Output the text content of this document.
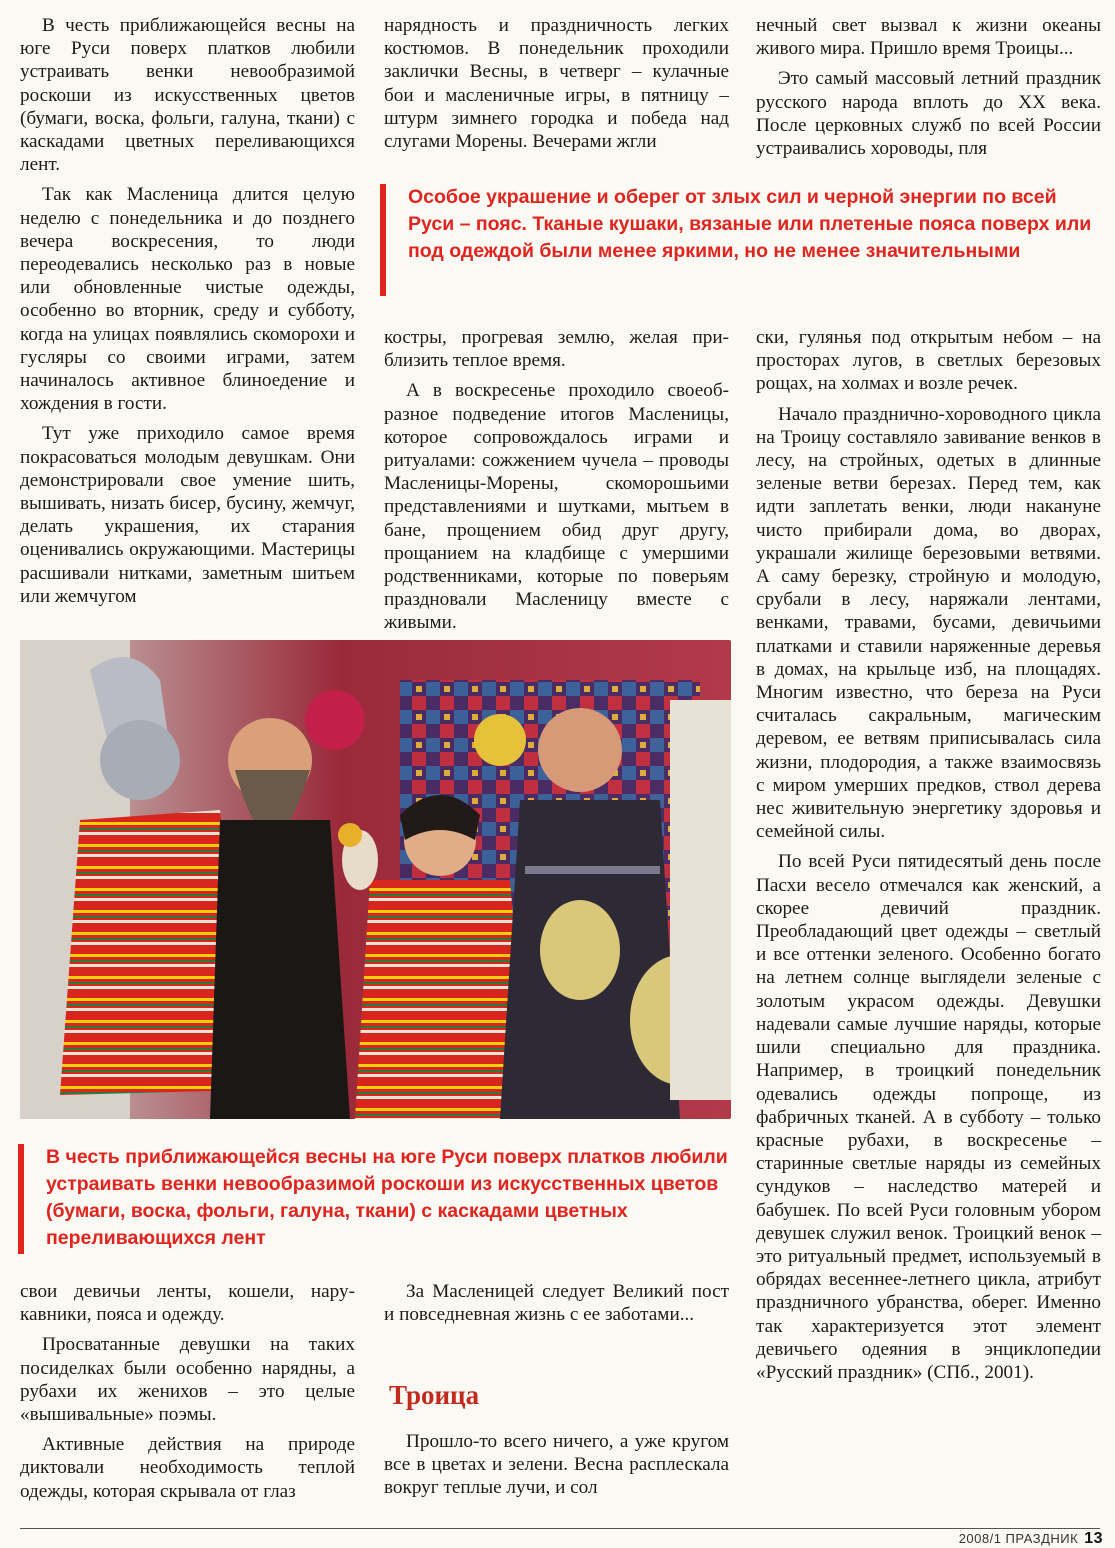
В честь приближающейся весны на юге Руси поверх платков любили устраивать венки невообразимой роскоши из искусственных цветов (бумаги, воска, фольги, галуна, ткани) с каскадами цветных переливающихся лент.

Так как Масленица длится целую неделю с понедельника и до позднего вечера воскресения, то люди переодевались несколько раз в новые или обновленные чистые одежды, особенно во вторник, среду и субботу, когда на улицах появлялись скоморохи и гусляры со своими играми, затем начиналось активное блиноедение и хождения в гости.

Тут уже приходило самое время покрасоваться молодым девушкам. Они демонстрировали свое умение шить, вышивать, низать бисер, бусину, жемчуг, делать украшения, их старания оценивались окружающими. Мастерицы расшивали нитками, заметным шитьем или жемчугом

нарядность и праздничность легких костюмов. В понедельник проходили заклички Весны, в четверг – кулачные бои и масленичные игры, в пятницу – штурм зимнего городка и победа над слугами Морены. Вечерами жгли

нечный свет вызвал к жизни океаны живого мира. Пришло время Троицы...

Это самый массовый летний праздник русского народа вплоть до XX века. После церковных служб по всей России устраивались хороводы, пля

Особое украшение и оберег от злых сил и черной энергии по всей Руси – пояс. Тканые кушаки, вязаные или плетеные пояса поверх или под одеждой были менее яркими, но не менее значительными

костры, прогревая землю, желая приблизить теплое время.

А в воскресенье проходило своеобразное подведение итогов Масленицы, которое сопровождалось играми и ритуалами: сожжением чучела – проводы Масленицы-Морены, скоморошьими представлениями и шутками, мытьем в бане, прощением обид друг другу, прощанием на кладбище с умершими родственниками, которые по поверьям праздновали Масленицу вместе с живыми.

ски, гулянья под открытым небом – на просторах лугов, в светлых березовых рощах, на холмах и возле речек.

Начало празднично-хороводного цикла на Троицу составляло завивание венков в лесу, на стройных, одетых в длинные зеленые ветви березах. Перед тем, как идти заплетать венки, люди накануне чисто прибирали дома, во дворах, украшали жилище березовыми ветвями. А саму березку, стройную и молодую, срубали в лесу, наряжали лентами, венками, травами, бусами, девичьими платками и ставили наряженные деревья в домах, на крыльце изб, на площадях. Многим известно, что береза на Руси считалась сакральным, магическим деревом, ее ветвям приписывалась сила жизни, плодородия, а также взаимосвязь с миром умерших предков, ствол дерева нес живительную энергетику здоровья и семейной силы.

По всей Руси пятидесятый день после Пасхи весело отмечался как женский, а скорее девичий праздник. Преобладающий цвет одежды – светлый и все оттенки зеленого. Особенно богато на летнем солнце выглядели зеленые с золотым украсом одежды. Девушки надевали самые лучшие наряды, которые шили специально для праздника. Например, в троицкий понедельник одевались одежды попроще, из фабричных тканей. А в субботу – только красные рубахи, в воскресенье – старинные светлые наряды из семейных сундуков – наследство матерей и бабушек. По всей Руси головным убором девушек служил венок. Троицкий венок – это ритуальный предмет, используемый в обрядах весеннее-летнего цикла, атрибут праздничного убранства, оберег. Именно так характеризуется этот элемент девичьего одеяния в энциклопедии «Русский праздник» (СПб., 2001).

В честь приближающейся весны на юге Руси поверх платков любили устраивать венки невообразимой роскоши из искусственных цветов (бумаги, воска, фольги, галуна, ткани) с каскадами цветных переливающихся лент

свои девичьи ленты, кошели, нарукавники, пояса и одежду.

Просватанные девушки на таких посиделках были особенно нарядны, а рубахи их женихов – это целые «вышивальные» поэмы.

Активные действия на природе диктовали необходимость теплой одежды, которая скрывала от глаз

За Масленицей следует Великий пост и повседневная жизнь с ее заботами...

Троица

Прошло-то всего ничего, а уже кругом все в цветах и зелени. Весна расплескала вокруг теплые лучи, и сол

2008/1 ПРАЗДНИК 13
